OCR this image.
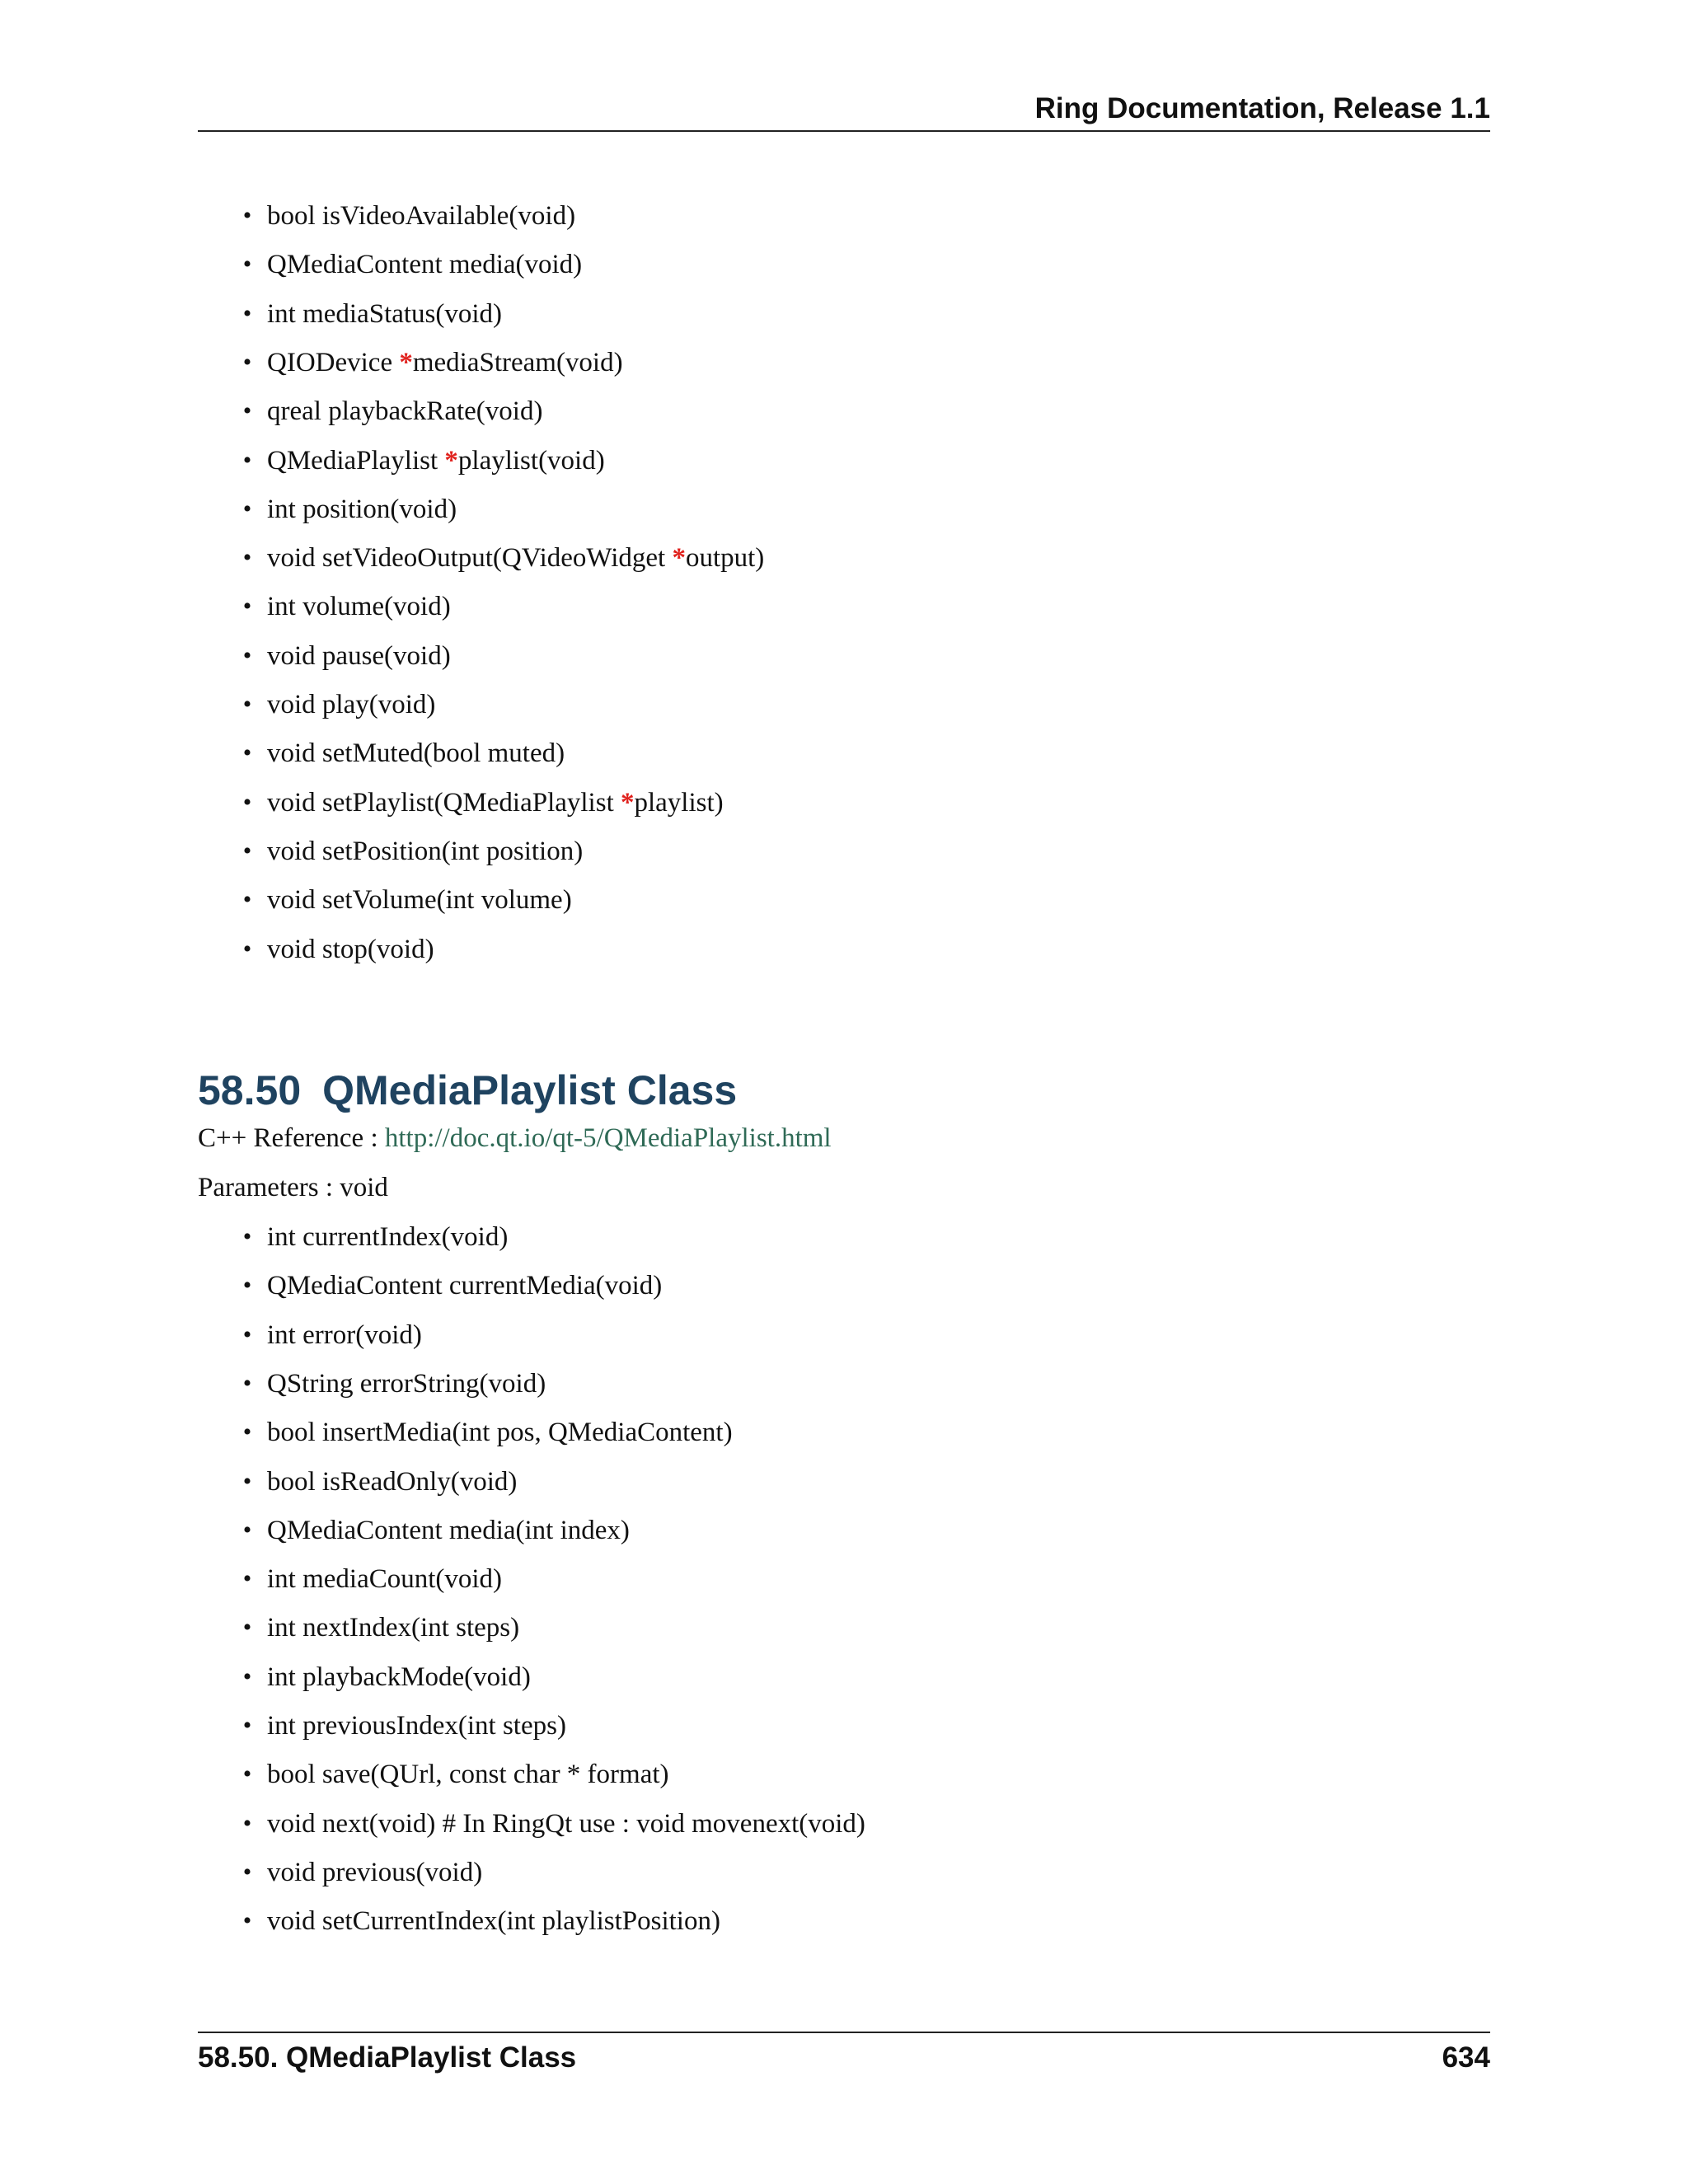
Ring Documentation, Release 1.1
• bool isVideoAvailable(void)
• QMediaContent media(void)
• int mediaStatus(void)
• QIODevice *mediaStream(void)
• qreal playbackRate(void)
• QMediaPlaylist *playlist(void)
• int position(void)
• void setVideoOutput(QVideoWidget *output)
• int volume(void)
• void pause(void)
• void play(void)
• void setMuted(bool muted)
• void setPlaylist(QMediaPlaylist *playlist)
• void setPosition(int position)
• void setVolume(int volume)
• void stop(void)
58.50 QMediaPlaylist Class
C++ Reference : http://doc.qt.io/qt-5/QMediaPlaylist.html
Parameters : void
• int currentIndex(void)
• QMediaContent currentMedia(void)
• int error(void)
• QString errorString(void)
• bool insertMedia(int pos, QMediaContent)
• bool isReadOnly(void)
• QMediaContent media(int index)
• int mediaCount(void)
• int nextIndex(int steps)
• int playbackMode(void)
• int previousIndex(int steps)
• bool save(QUrl, const char * format)
• void next(void) # In RingQt use : void movenext(void)
• void previous(void)
• void setCurrentIndex(int playlistPosition)
58.50. QMediaPlaylist Class	634
